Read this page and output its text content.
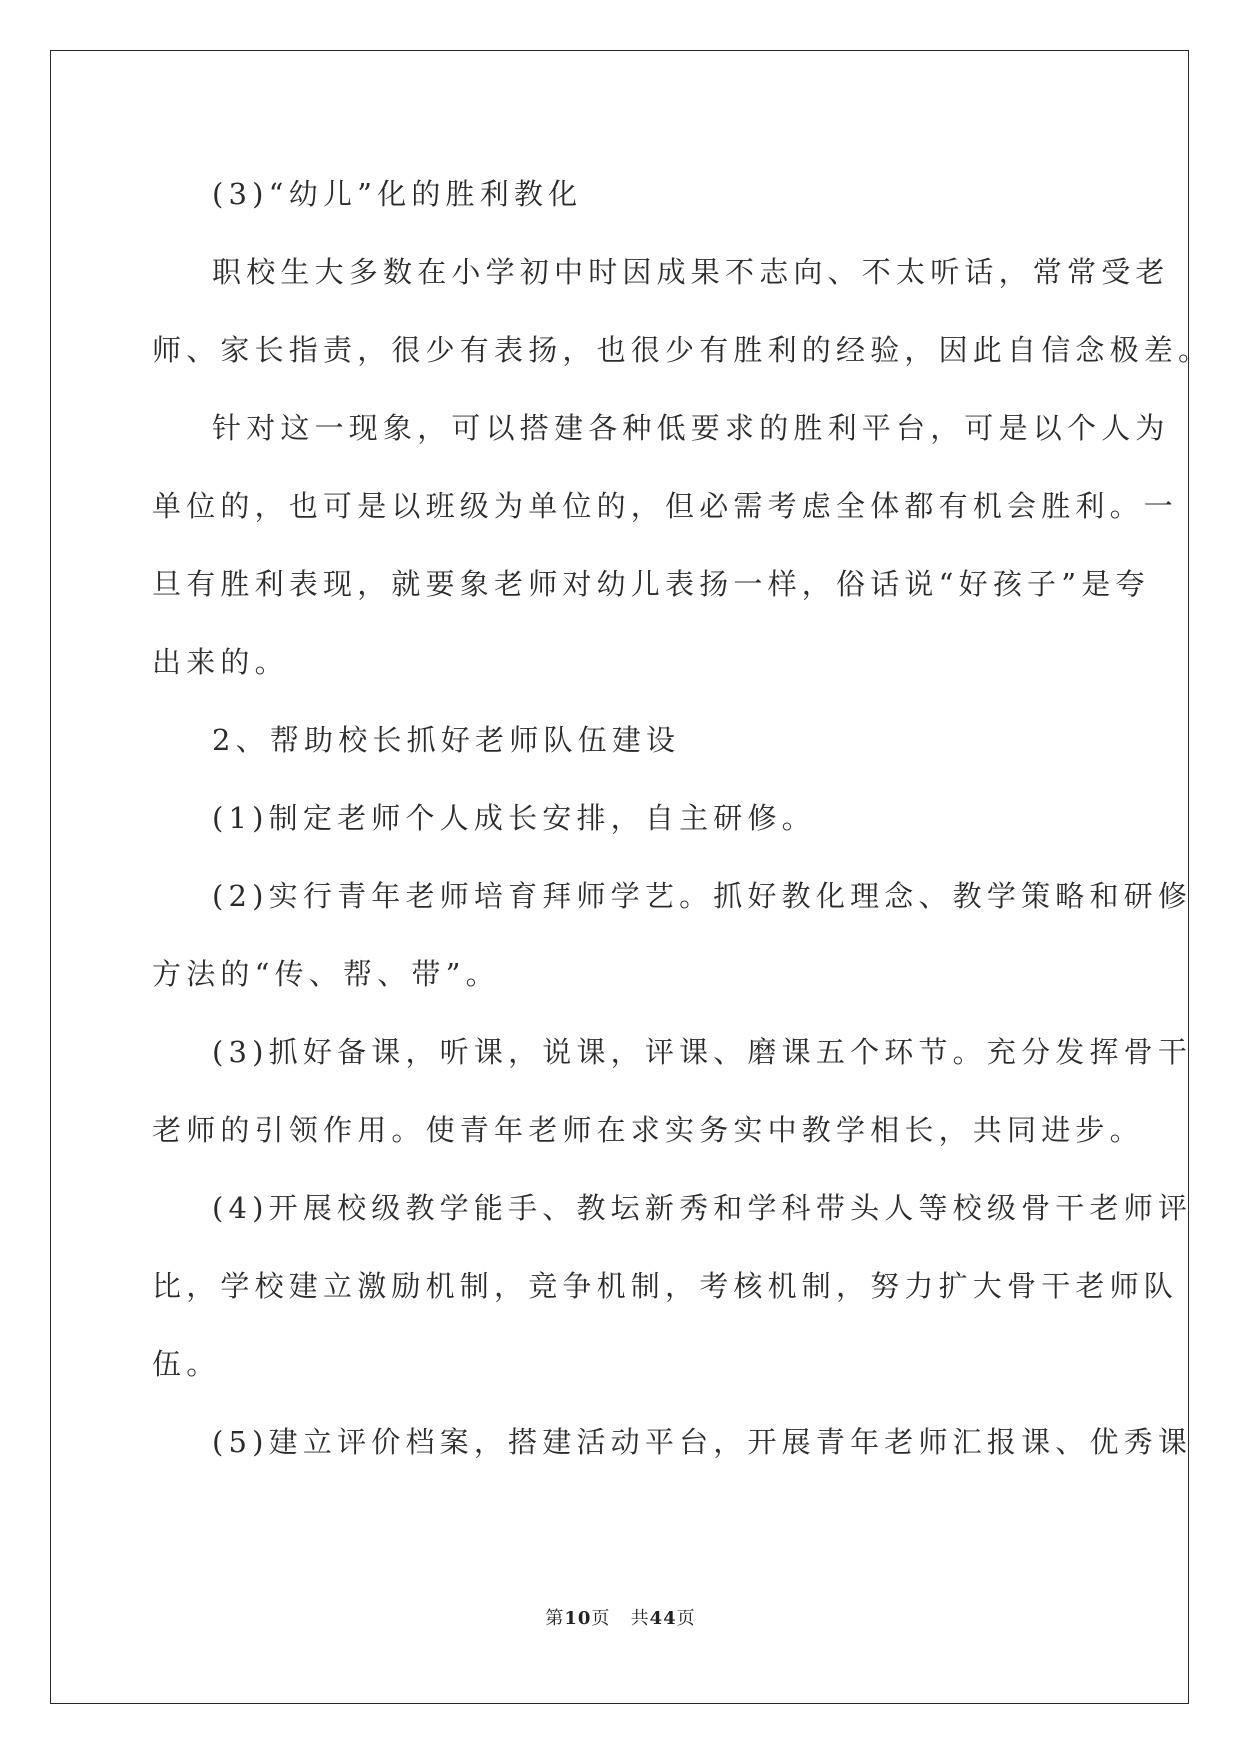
(3)“幼儿”化的胜利教化
职校生大多数在小学初中时因成果不志向、不太听话，常常受老
师、家长指责，很少有表扬，也很少有胜利的经验，因此自信念极差。
针对这一现象，可以搭建各种低要求的胜利平台，可是以个人为
单位的，也可是以班级为单位的，但必需考虑全体都有机会胜利。一
旦有胜利表现，就要象老师对幼儿表扬一样，俗话说“好孩子”是夸
出来的。
2、帮助校长抓好老师队伍建设
(1)制定老师个人成长安排，自主研修。
(2)实行青年老师培育拜师学艺。抓好教化理念、教学策略和研修
方法的“传、帮、带”。
(3)抓好备课，听课，说课，评课、磨课五个环节。充分发挥骨干
老师的引领作用。使青年老师在求实务实中教学相长，共同进步。
(4)开展校级教学能手、教坛新秀和学科带头人等校级骨干老师评
比，学校建立激励机制，竞争机制，考核机制，努力扩大骨干老师队
伍。
(5)建立评价档案，搭建活动平台，开展青年老师汇报课、优秀课
第10页 共44页
